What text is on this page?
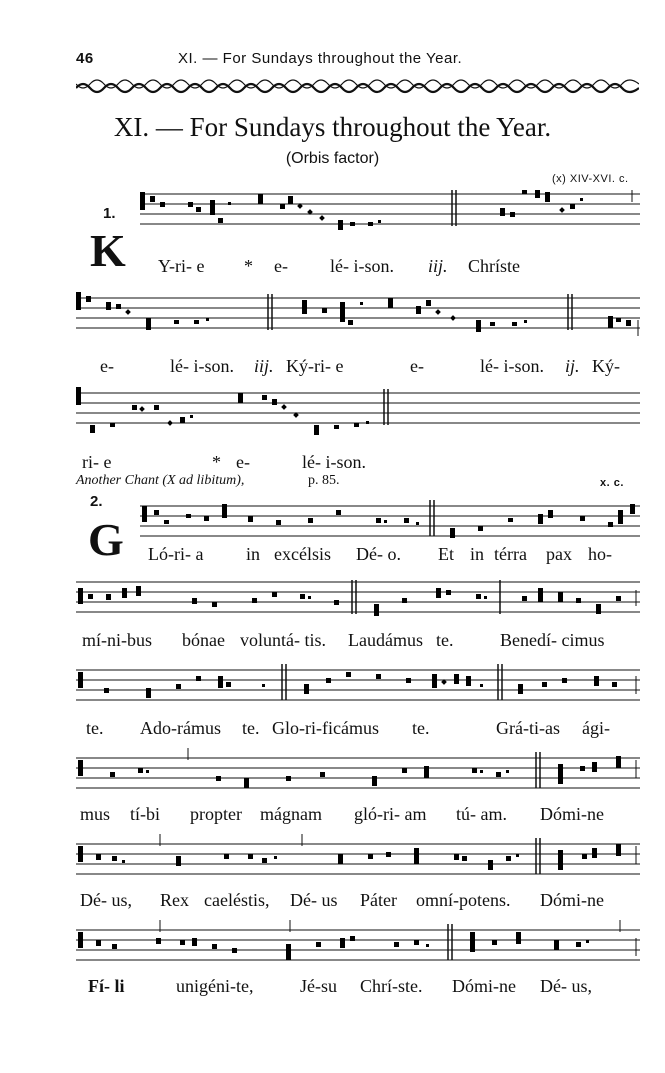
46	XI. — For Sundays throughout the Year.
XI. — For Sundays throughout the Year.
(Orbis factor)
(x) XIV-XVI. c.
1.
K Y-ri- e * e- lé- i-son. iij. Chríste
e-	lé- i-son. iij. Ký-ri- e	e-	lé- i-son. ij. Ký-
ri- e	* e-	lé- i-son.
Another Chant (X ad libitum),	p. 85.	x. c.
2.
G Ló-ri- a in excélsis Dé- o. Et in térra pax ho-
mí-ni-bus bónae voluntá- tis. Laudámus te.	Benedí- cimus
te. Ado-rámus te. Glo-ri-ficámus te.	Grá-ti-as ági-
mus tí-bi propter mágnam gló-ri- am tú- am. Dómi-ne
Dé- us, Rex caeléstis, Dé- us Páter omní-potens. Dómi-ne
Fí- li	unigéni-te,	Jé-su Chrí-ste. Dómi-ne Dé- us,
